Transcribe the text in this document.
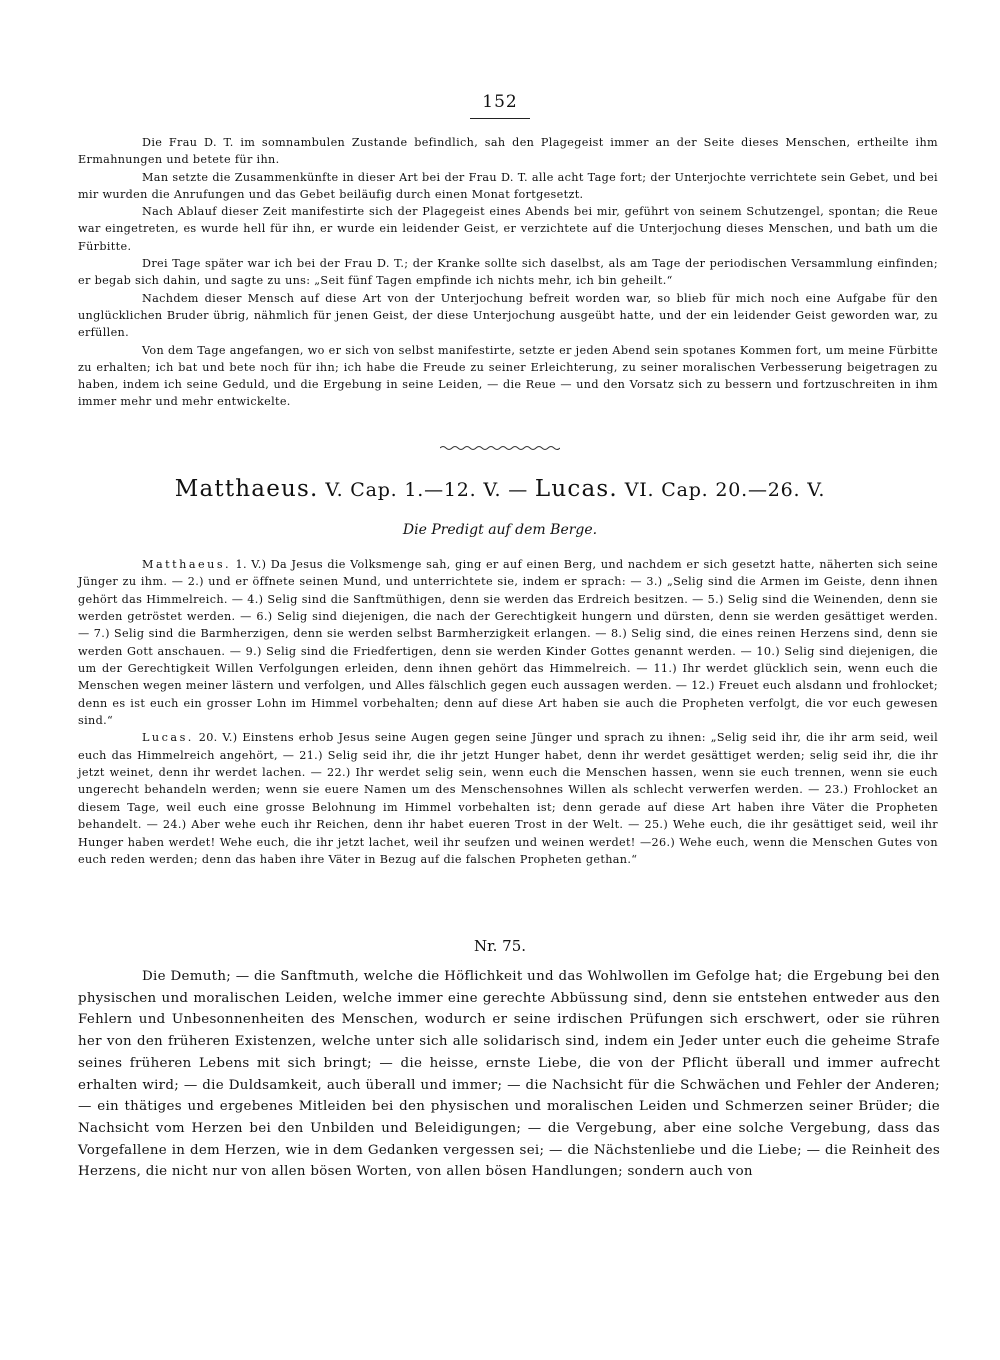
152

Die Frau D. T. im somnambulen Zustande befindlich, sah den Plagegeist immer an der Seite dieses Menschen, ertheilte ihm Ermahnungen und betete für ihn.

Man setzte die Zusammenkünfte in dieser Art bei der Frau D. T. alle acht Tage fort; der Unterjochte verrichtete sein Gebet, und bei mir wurden die Anrufungen und das Gebet beiläufig durch einen Monat fortgesetzt.

Nach Ablauf dieser Zeit manifestirte sich der Plagegeist eines Abends bei mir, geführt von seinem Schutzengel, spontan; die Reue war eingetreten, es wurde hell für ihn, er wurde ein leidender Geist, er verzichtete auf die Unterjochung dieses Menschen, und bath um die Fürbitte.

Drei Tage später war ich bei der Frau D. T.; der Kranke sollte sich daselbst, als am Tage der periodischen Versammlung einfinden; er begab sich dahin, und sagte zu uns: „Seit fünf Tagen empfinde ich nichts mehr, ich bin geheilt.“

Nachdem dieser Mensch auf diese Art von der Unterjochung befreit worden war, so blieb für mich noch eine Aufgabe für den unglücklichen Bruder übrig, nähmlich für jenen Geist, der diese Unterjochung ausgeübt hatte, und der ein leidender Geist geworden war, zu erfüllen.

Von dem Tage angefangen, wo er sich von selbst manifestirte, setzte er jeden Abend sein spotanes Kommen fort, um meine Fürbitte zu erhalten; ich bat und bete noch für ihn; ich habe die Freude zu seiner Erleichterung, zu seiner moralischen Verbesserung beigetragen zu haben, indem ich seine Geduld, und die Ergebung in seine Leiden, — die Reue — und den Vorsatz sich zu bessern und fortzuschreiten in ihm immer mehr und mehr entwickelte.

Matthaeus. V. Cap. 1.—12. V. — Lucas. VI. Cap. 20.—26. V.
Die Predigt auf dem Berge.

Matthaeus. 1. V.) Da Jesus die Volksmenge sah, ging er auf einen Berg, und nachdem er sich gesetzt hatte, näherten sich seine Jünger zu ihm. — 2.) und er öffnete seinen Mund, und unterrichtete sie, indem er sprach: — 3.) „Selig sind die Armen im Geiste, denn ihnen gehört das Himmelreich. — 4.) Selig sind die Sanftmüthigen, denn sie werden das Erdreich besitzen. — 5.) Selig sind die Weinenden, denn sie werden getröstet werden. — 6.) Selig sind diejenigen, die nach der Gerechtigkeit hungern und dürsten, denn sie werden gesättiget werden. — 7.) Selig sind die Barmherzigen, denn sie werden selbst Barmherzigkeit erlangen. — 8.) Selig sind, die eines reinen Herzens sind, denn sie werden Gott anschauen. — 9.) Selig sind die Friedfertigen, denn sie werden Kinder Gottes genannt werden. — 10.) Selig sind diejenigen, die um der Gerechtigkeit Willen Verfolgungen erleiden, denn ihnen gehört das Himmelreich. — 11.) Ihr werdet glücklich sein, wenn euch die Menschen wegen meiner lästern und verfolgen, und Alles fälschlich gegen euch aussagen werden. — 12.) Freuet euch alsdann und frohlocket; denn es ist euch ein grosser Lohn im Himmel vorbehalten; denn auf diese Art haben sie auch die Propheten verfolgt, die vor euch gewesen sind.“

Lucas. 20. V.) Einstens erhob Jesus seine Augen gegen seine Jünger und sprach zu ihnen: „Selig seid ihr, die ihr arm seid, weil euch das Himmelreich angehört, — 21.) Selig seid ihr, die ihr jetzt Hunger habet, denn ihr werdet gesättiget werden; selig seid ihr, die ihr jetzt weinet, denn ihr werdet lachen. — 22.) Ihr werdet selig sein, wenn euch die Menschen hassen, wenn sie euch trennen, wenn sie euch ungerecht behandeln werden; wenn sie euere Namen um des Menschensohnes Willen als schlecht verwerfen werden. — 23.) Frohlocket an diesem Tage, weil euch eine grosse Belohnung im Himmel vorbehalten ist; denn gerade auf diese Art haben ihre Väter die Propheten behandelt. — 24.) Aber wehe euch ihr Reichen, denn ihr habet eueren Trost in der Welt. — 25.) Wehe euch, die ihr gesättiget seid, weil ihr Hunger haben werdet! Wehe euch, die ihr jetzt lachet, weil ihr seufzen und weinen werdet! —26.) Wehe euch, wenn die Menschen Gutes von euch reden werden; denn das haben ihre Väter in Bezug auf die falschen Propheten gethan.“

Nr. 75.

Die Demuth; — die Sanftmuth, welche die Höflichkeit und das Wohlwollen im Gefolge hat; die Ergebung bei den physischen und moralischen Leiden, welche immer eine gerechte Abbüssung sind, denn sie entstehen entweder aus den Fehlern und Unbesonnenheiten des Menschen, wodurch er seine irdischen Prüfungen sich erschwert, oder sie rühren her von den früheren Existenzen, welche unter sich alle solidarisch sind, indem ein Jeder unter euch die geheime Strafe seines früheren Lebens mit sich bringt; — die heisse, ernste Liebe, die von der Pflicht überall und immer aufrecht erhalten wird; — die Duldsamkeit, auch überall und immer; — die Nachsicht für die Schwächen und Fehler der Anderen; — ein thätiges und ergebenes Mitleiden bei den physischen und moralischen Leiden und Schmerzen seiner Brüder; die Nachsicht vom Herzen bei den Unbilden und Beleidigungen; — die Vergebung, aber eine solche Vergebung, dass das Vorgefallene in dem Herzen, wie in dem Gedanken vergessen sei; — die Nächstenliebe und die Liebe; — die Reinheit des Herzens, die nicht nur von allen bösen Worten, von allen bösen Handlungen; sondern auch von
